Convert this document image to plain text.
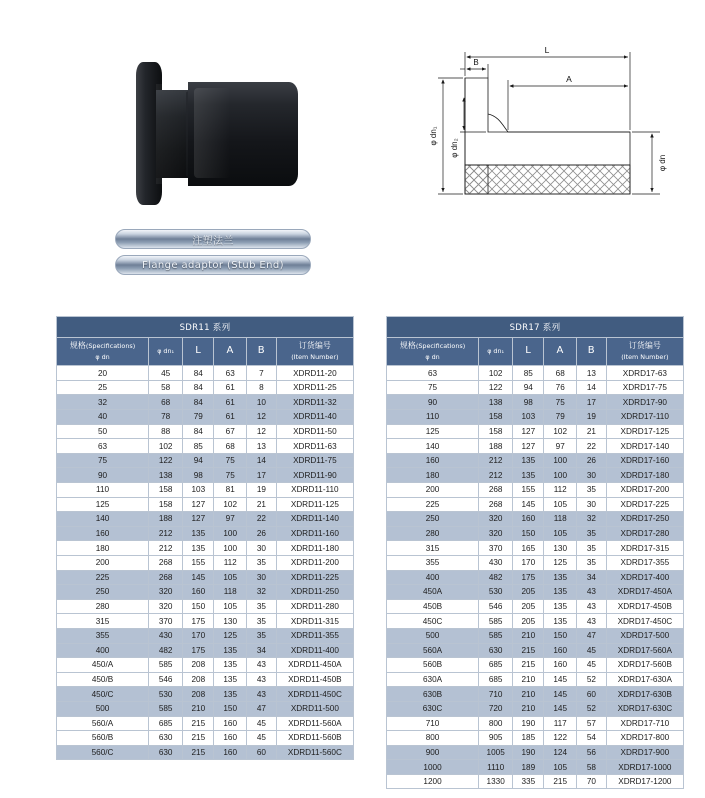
注塑法兰
Flange adaptor (Stub End)
L
B
A
φ dn₁
φ dn₂
φ dn
SDR11 系列					
规格(Specifications)
φ dn	φ dn₁	L	A	B	订货编号
(Item Number)
20	45	84	63	7	XDRD11-20
25	58	84	61	8	XDRD11-25
32	68	84	61	10	XDRD11-32
40	78	79	61	12	XDRD11-40
50	88	84	67	12	XDRD11-50
63	102	85	68	13	XDRD11-63
75	122	94	75	14	XDRD11-75
90	138	98	75	17	XDRD11-90
110	158	103	81	19	XDRD11-110
125	158	127	102	21	XDRD11-125
140	188	127	97	22	XDRD11-140
160	212	135	100	26	XDRD11-160
180	212	135	100	30	XDRD11-180
200	268	155	112	35	XDRD11-200
225	268	145	105	30	XDRD11-225
250	320	160	118	32	XDRD11-250
280	320	150	105	35	XDRD11-280
315	370	175	130	35	XDRD11-315
355	430	170	125	35	XDRD11-355
400	482	175	135	34	XDRD11-400
450/A	585	208	135	43	XDRD11-450A
450/B	546	208	135	43	XDRD11-450B
450/C	530	208	135	43	XDRD11-450C
500	585	210	150	47	XDRD11-500
560/A	685	215	160	45	XDRD11-560A
560/B	630	215	160	45	XDRD11-560B
560/C	630	215	160	60	XDRD11-560C
SDR17 系列					
规格(Specifications)
φ dn	φ dn₁	L	A	B	订货编号
(Item Number)
63	102	85	68	13	XDRD17-63
75	122	94	76	14	XDRD17-75
90	138	98	75	17	XDRD17-90
110	158	103	79	19	XDRD17-110
125	158	127	102	21	XDRD17-125
140	188	127	97	22	XDRD17-140
160	212	135	100	26	XDRD17-160
180	212	135	100	30	XDRD17-180
200	268	155	112	35	XDRD17-200
225	268	145	105	30	XDRD17-225
250	320	160	118	32	XDRD17-250
280	320	150	105	35	XDRD17-280
315	370	165	130	35	XDRD17-315
355	430	170	125	35	XDRD17-355
400	482	175	135	34	XDRD17-400
450A	530	205	135	43	XDRD17-450A
450B	546	205	135	43	XDRD17-450B
450C	585	205	135	43	XDRD17-450C
500	585	210	150	47	XDRD17-500
560A	630	215	160	45	XDRD17-560A
560B	685	215	160	45	XDRD17-560B
630A	685	210	145	52	XDRD17-630A
630B	710	210	145	60	XDRD17-630B
630C	720	210	145	52	XDRD17-630C
710	800	190	117	57	XDRD17-710
800	905	185	122	54	XDRD17-800
900	1005	190	124	56	XDRD17-900
1000	1110	189	105	58	XDRD17-1000
1200	1330	335	215	70	XDRD17-1200
